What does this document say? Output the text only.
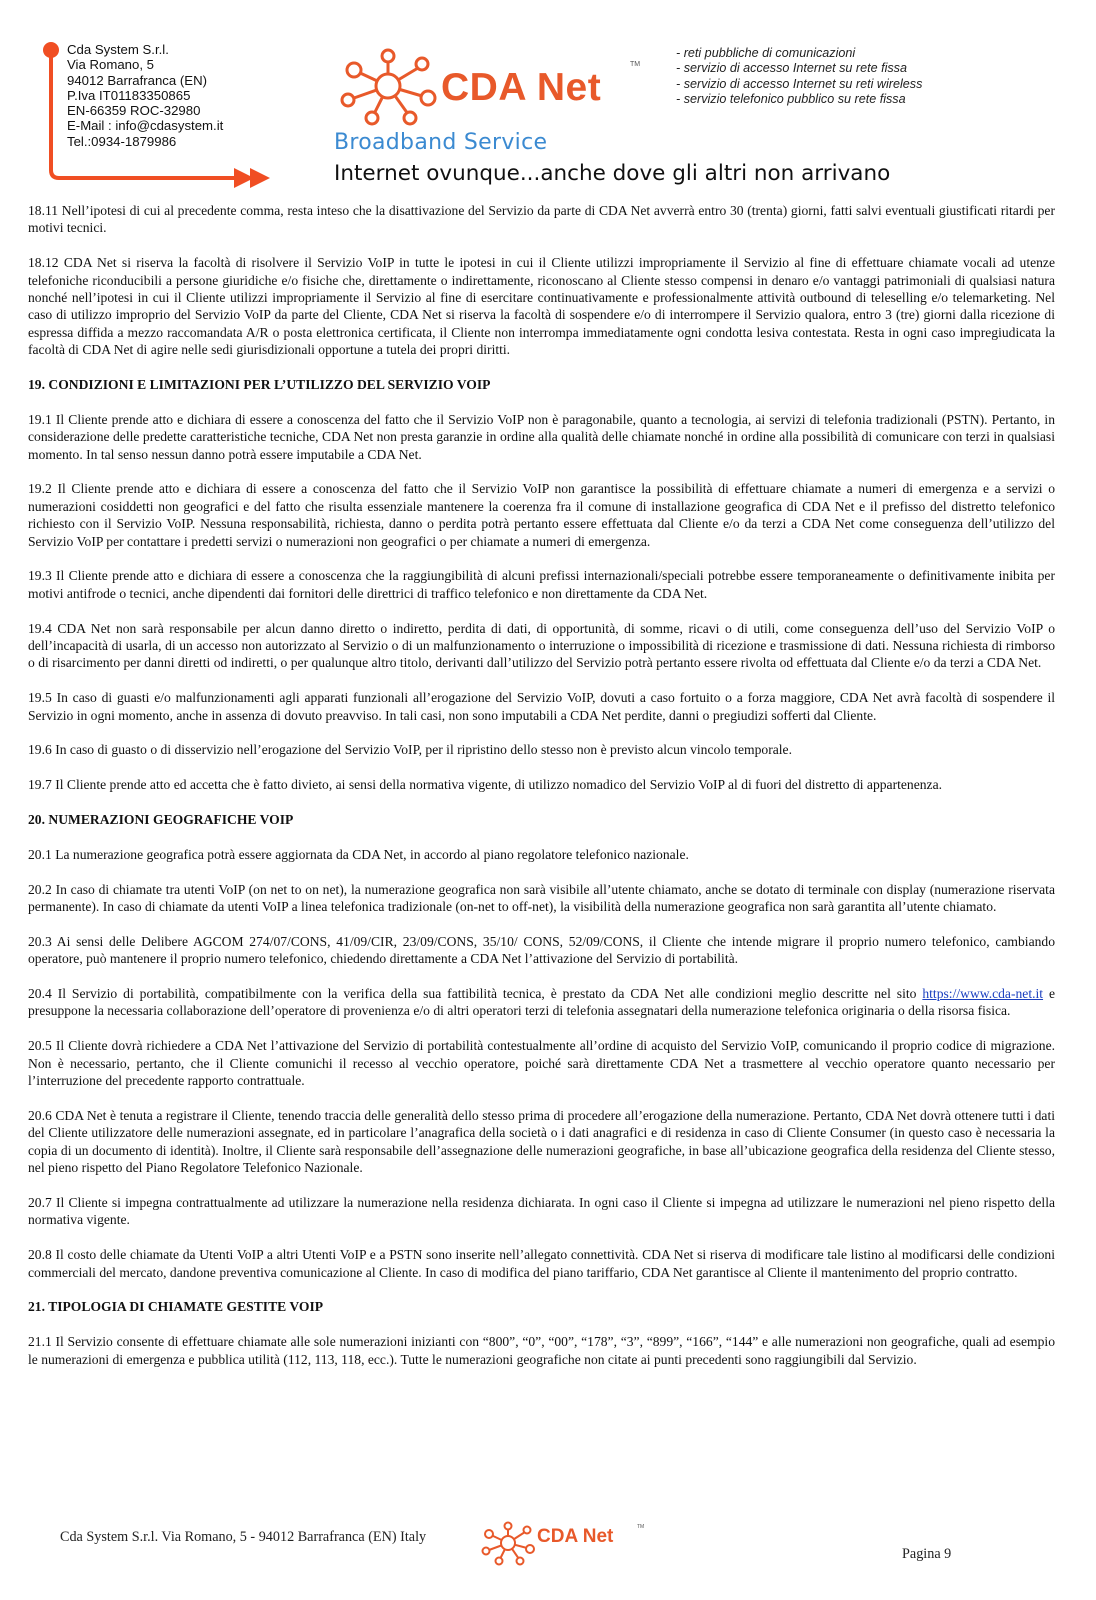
Cda System S.r.l.
Via Romano, 5
94012 Barrafranca (EN)
P.Iva IT01183350865
EN-66359 ROC-32980
E-Mail : info@cdasystem.it
Tel.:0934-1879986
CDA Net
TM
Broadband Service
Internet ovunque...anche dove gli altri non arrivano
- reti pubbliche di comunicazioni
- servizio di accesso Internet su rete fissa
- servizio di accesso Internet su reti wireless
- servizio telefonico pubblico su rete fissa

18.11 Nell’ipotesi di cui al precedente comma, resta inteso che la disattivazione del Servizio da parte di CDA Net avverrà entro 30 (trenta) giorni, fatti salvi eventuali giustificati ritardi per motivi tecnici.

18.12 CDA Net si riserva la facoltà di risolvere il Servizio VoIP in tutte le ipotesi in cui il Cliente utilizzi impropriamente il Servizio al fine di effettuare chiamate vocali ad utenze telefoniche riconducibili a persone giuridiche e/o fisiche che, direttamente o indirettamente, riconoscano al Cliente stesso compensi in denaro e/o vantaggi patrimoniali di qualsiasi natura nonché nell’ipotesi in cui il Cliente utilizzi impropriamente il Servizio al fine di esercitare continuativamente e professionalmente attività outbound di teleselling e/o telemarketing. Nel caso di utilizzo improprio del Servizio VoIP da parte del Cliente, CDA Net si riserva la facoltà di sospendere e/o di interrompere il Servizio qualora, entro 3 (tre) giorni dalla ricezione di espressa diffida a mezzo raccomandata A/R o posta elettronica certificata, il Cliente non interrompa immediatamente ogni condotta lesiva contestata. Resta in ogni caso impregiudicata la facoltà di CDA Net di agire nelle sedi giurisdizionali opportune a tutela dei propri diritti.

19. CONDIZIONI E LIMITAZIONI PER L’UTILIZZO DEL SERVIZIO VOIP

19.1 Il Cliente prende atto e dichiara di essere a conoscenza del fatto che il Servizio VoIP non è paragonabile, quanto a tecnologia, ai servizi di telefonia tradizionali (PSTN). Pertanto, in considerazione delle predette caratteristiche tecniche, CDA Net non presta garanzie in ordine alla qualità delle chiamate nonché in ordine alla possibilità di comunicare con terzi in qualsiasi momento. In tal senso nessun danno potrà essere imputabile a CDA Net.

19.2 Il Cliente prende atto e dichiara di essere a conoscenza del fatto che il Servizio VoIP non garantisce la possibilità di effettuare chiamate a numeri di emergenza e a servizi o numerazioni cosiddetti non geografici e del fatto che risulta essenziale mantenere la coerenza fra il comune di installazione geografica di CDA Net e il prefisso del distretto telefonico richiesto con il Servizio VoIP. Nessuna responsabilità, richiesta, danno o perdita potrà pertanto essere effettuata dal Cliente e/o da terzi a CDA Net come conseguenza dell’utilizzo del Servizio VoIP per contattare i predetti servizi o numerazioni non geografici o per chiamate a numeri di emergenza.

19.3 Il Cliente prende atto e dichiara di essere a conoscenza che la raggiungibilità di alcuni prefissi internazionali/speciali potrebbe essere temporaneamente o definitivamente inibita per motivi antifrode o tecnici, anche dipendenti dai fornitori delle direttrici di traffico telefonico e non direttamente da CDA Net.

19.4 CDA Net non sarà responsabile per alcun danno diretto o indiretto, perdita di dati, di opportunità, di somme, ricavi o di utili, come conseguenza dell’uso del Servizio VoIP o dell’incapacità di usarla, di un accesso non autorizzato al Servizio o di un malfunzionamento o interruzione o impossibilità di ricezione e trasmissione di dati. Nessuna richiesta di rimborso o di risarcimento per danni diretti od indiretti, o per qualunque altro titolo, derivanti dall’utilizzo del Servizio potrà pertanto essere rivolta od effettuata dal Cliente e/o da terzi a CDA Net.

19.5 In caso di guasti e/o malfunzionamenti agli apparati funzionali all’erogazione del Servizio VoIP, dovuti a caso fortuito o a forza maggiore, CDA Net avrà facoltà di sospendere il Servizio in ogni momento, anche in assenza di dovuto preavviso. In tali casi, non sono imputabili a CDA Net perdite, danni o pregiudizi sofferti dal Cliente.

19.6 In caso di guasto o di disservizio nell’erogazione del Servizio VoIP, per il ripristino dello stesso non è previsto alcun vincolo temporale.

19.7 Il Cliente prende atto ed accetta che è fatto divieto, ai sensi della normativa vigente, di utilizzo nomadico del Servizio VoIP al di fuori del distretto di appartenenza.

20. NUMERAZIONI GEOGRAFICHE VOIP

20.1 La numerazione geografica potrà essere aggiornata da CDA Net, in accordo al piano regolatore telefonico nazionale.

20.2 In caso di chiamate tra utenti VoIP (on net to on net), la numerazione geografica non sarà visibile all’utente chiamato, anche se dotato di terminale con display (numerazione riservata permanente). In caso di chiamate da utenti VoIP a linea telefonica tradizionale (on-net to off-net), la visibilità della numerazione geografica non sarà garantita all’utente chiamato.

20.3 Ai sensi delle Delibere AGCOM 274/07/CONS, 41/09/CIR, 23/09/CONS, 35/10/ CONS, 52/09/CONS, il Cliente che intende migrare il proprio numero telefonico, cambiando operatore, può mantenere il proprio numero telefonico, chiedendo direttamente a CDA Net l’attivazione del Servizio di portabilità.

20.4 Il Servizio di portabilità, compatibilmente con la verifica della sua fattibilità tecnica, è prestato da CDA Net alle condizioni meglio descritte nel sito https://www.cda-net.it e presuppone la necessaria collaborazione dell’operatore di provenienza e/o di altri operatori terzi di telefonia assegnatari della numerazione telefonica originaria o della risorsa fisica.

20.5 Il Cliente dovrà richiedere a CDA Net l’attivazione del Servizio di portabilità contestualmente all’ordine di acquisto del Servizio VoIP, comunicando il proprio codice di migrazione. Non è necessario, pertanto, che il Cliente comunichi il recesso al vecchio operatore, poiché sarà direttamente CDA Net a trasmettere al vecchio operatore quanto necessario per l’interruzione del precedente rapporto contrattuale.

20.6 CDA Net è tenuta a registrare il Cliente, tenendo traccia delle generalità dello stesso prima di procedere all’erogazione della numerazione. Pertanto, CDA Net dovrà ottenere tutti i dati del Cliente utilizzatore delle numerazioni assegnate, ed in particolare l’anagrafica della società o i dati anagrafici e di residenza in caso di Cliente Consumer (in questo caso è necessaria la copia di un documento di identità). Inoltre, il Cliente sarà responsabile dell’assegnazione delle numerazioni geografiche, in base all’ubicazione geografica della residenza del Cliente stesso, nel pieno rispetto del Piano Regolatore Telefonico Nazionale.

20.7 Il Cliente si impegna contrattualmente ad utilizzare la numerazione nella residenza dichiarata. In ogni caso il Cliente si impegna ad utilizzare le numerazioni nel pieno rispetto della normativa vigente.

20.8 Il costo delle chiamate da Utenti VoIP a altri Utenti VoIP e a PSTN sono inserite nell’allegato connettività. CDA Net si riserva di modificare tale listino al modificarsi delle condizioni commerciali del mercato, dandone preventiva comunicazione al Cliente. In caso di modifica del piano tariffario, CDA Net garantisce al Cliente il mantenimento del proprio contratto.

21. TIPOLOGIA DI CHIAMATE GESTITE VOIP

21.1 Il Servizio consente di effettuare chiamate alle sole numerazioni inizianti con “800”, “0”, “00”, “178”, “3”, “899”, “166”, “144” e alle numerazioni non geografiche, quali ad esempio le numerazioni di emergenza e pubblica utilità (112, 113, 118, ecc.). Tutte le numerazioni geografiche non citate ai punti precedenti sono raggiungibili dal Servizio.

Cda System S.r.l. Via Romano, 5 - 94012 Barrafranca (EN) Italy	CDA Net	TM
Pagina 9
